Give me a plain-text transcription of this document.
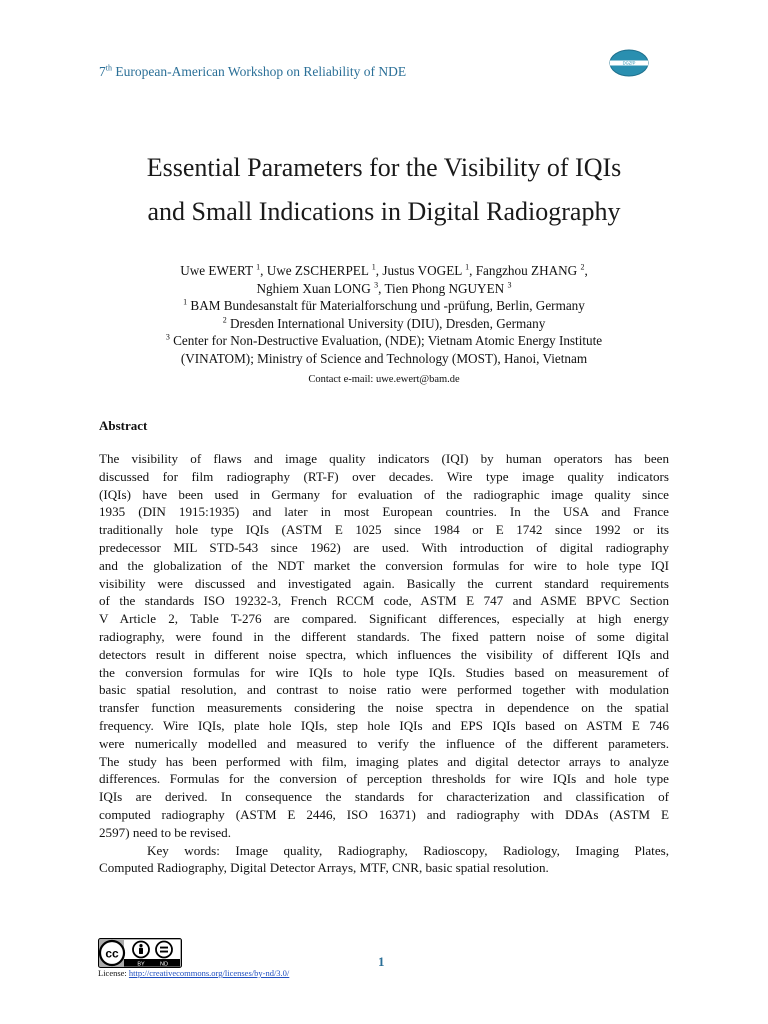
7th European-American Workshop on Reliability of NDE
DGZfP
Essential Parameters for the Visibility of IQIs
and Small Indications in Digital Radiography
Uwe EWERT $^1$, Uwe ZSCHERPEL $^1$, Justus VOGEL $^1$, Fangzhou ZHANG $^2$,
Nghiem Xuan LONG $^3$, Tien Phong NGUYEN $^3$
$^1$ BAM Bundesanstalt für Materialforschung und -prüfung, Berlin, Germany
$^2$ Dresden International University (DIU), Dresden, Germany
$^3$ Center for Non-Destructive Evaluation, (NDE); Vietnam Atomic Energy Institute
(VINATOM); Ministry of Science and Technology (MOST), Hanoi, Vietnam
Contact e-mail: uwe.ewert@bam.de
Abstract
The visibility of flaws and image quality indicators (IQI) by human operators has been
discussed for film radiography (RT-F) over decades. Wire type image quality indicators
(IQIs) have been used in Germany for evaluation of the radiographic image quality since
1935 (DIN 1915:1935) and later in most European countries. In the USA and France
traditionally hole type IQIs (ASTM E 1025 since 1984 or E 1742 since 1992 or its
predecessor MIL STD-543 since 1962) are used. With introduction of digital radiography
and the globalization of the NDT market the conversion formulas for wire to hole type IQI
visibility were discussed and investigated again. Basically the current standard requirements
of the standards ISO 19232-3, French RCCM code, ASTM E 747 and ASME BPVC Section
V Article 2, Table T-276 are compared. Significant differences, especially at high energy
radiography, were found in the different standards. The fixed pattern noise of some digital
detectors result in different noise spectra, which influences the visibility of different IQIs and
the conversion formulas for wire IQIs to hole type IQIs. Studies based on measurement of
basic spatial resolution, and contrast to noise ratio were performed together with modulation
transfer function measurements considering the noise spectra in dependence on the spatial
frequency. Wire IQIs, plate hole IQIs, step hole IQIs and EPS IQIs based on ASTM E 746
were numerically modelled and measured to verify the influence of the different parameters.
The study has been performed with film, imaging plates and digital detector arrays to analyze
differences. Formulas for the conversion of perception thresholds for wire IQIs and hole type
IQIs are derived. In consequence the standards for characterization and classification of
computed radiography (ASTM E 2446, ISO 16371) and radiography with DDAs (ASTM E
2597) need to be revised.
Key words: Image quality, Radiography, Radioscopy, Radiology, Imaging Plates,
Computed Radiography, Digital Detector Arrays, MTF, CNR, basic spatial resolution.
cc
BY	ND
License: http://creativecommons.org/licenses/by-nd/3.0/
1
